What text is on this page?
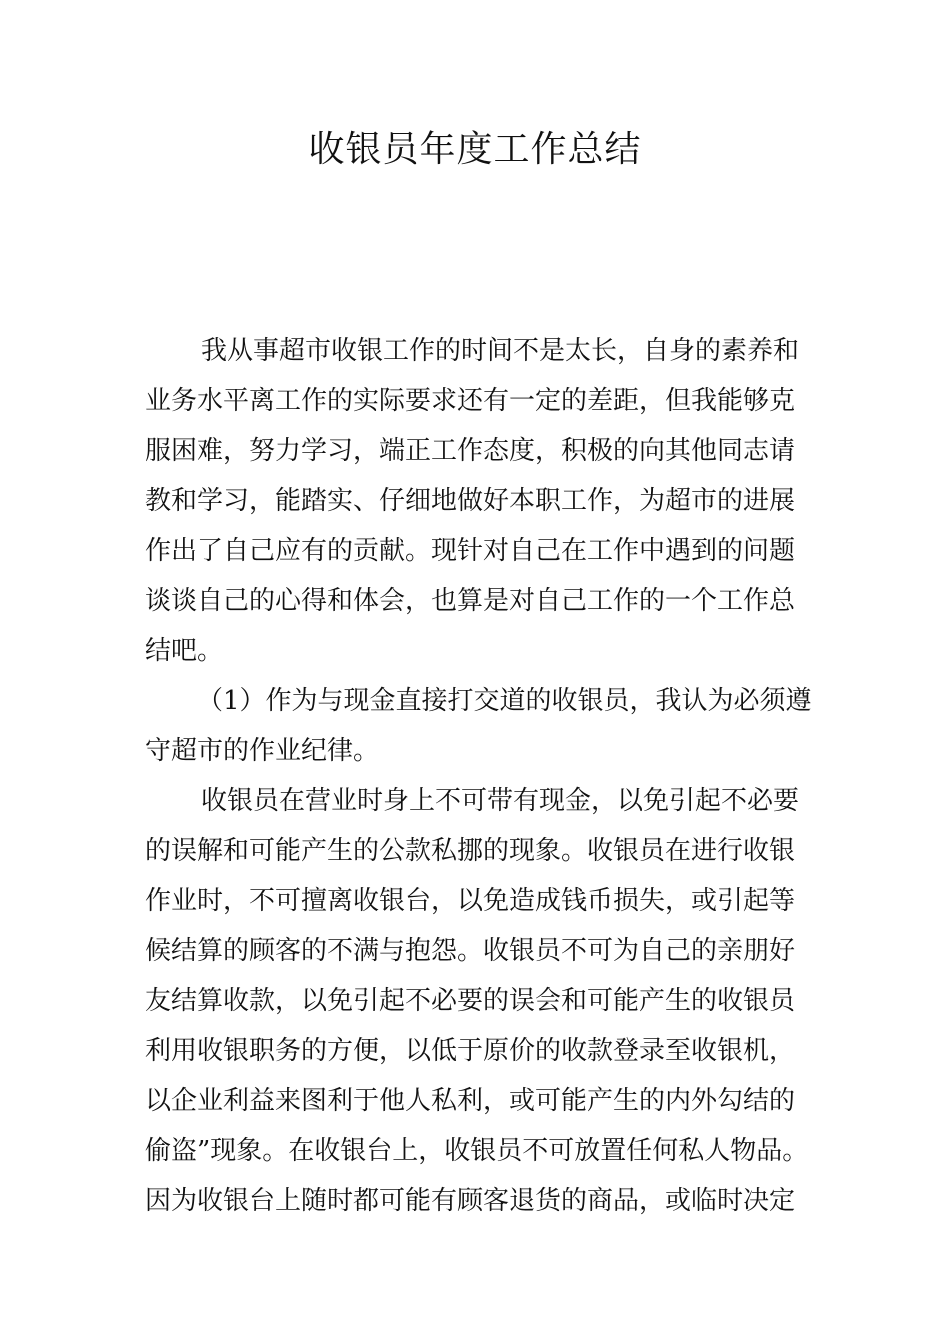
收银员年度工作总结
我从事超市收银工作的时间不是太长，自身的素养和
业务水平离工作的实际要求还有一定的差距，但我能够克
服困难，努力学习，端正工作态度，积极的向其他同志请
教和学习，能踏实、仔细地做好本职工作，为超市的进展
作出了自己应有的贡献。现针对自己在工作中遇到的问题
谈谈自己的心得和体会，也算是对自己工作的一个工作总
结吧。
（1）作为与现金直接打交道的收银员，我认为必须遵
守超市的作业纪律。
收银员在营业时身上不可带有现金，以免引起不必要
的误解和可能产生的公款私挪的现象。收银员在进行收银
作业时，不可擅离收银台，以免造成钱币损失，或引起等
候结算的顾客的不满与抱怨。收银员不可为自己的亲朋好
友结算收款，以免引起不必要的误会和可能产生的收银员
利用收银职务的方便，以低于原价的收款登录至收银机，
以企业利益来图利于他人私利，或可能产生的内外勾结的
偷盗”现象。在收银台上，收银员不可放置任何私人物品。
因为收银台上随时都可能有顾客退货的商品，或临时决定
